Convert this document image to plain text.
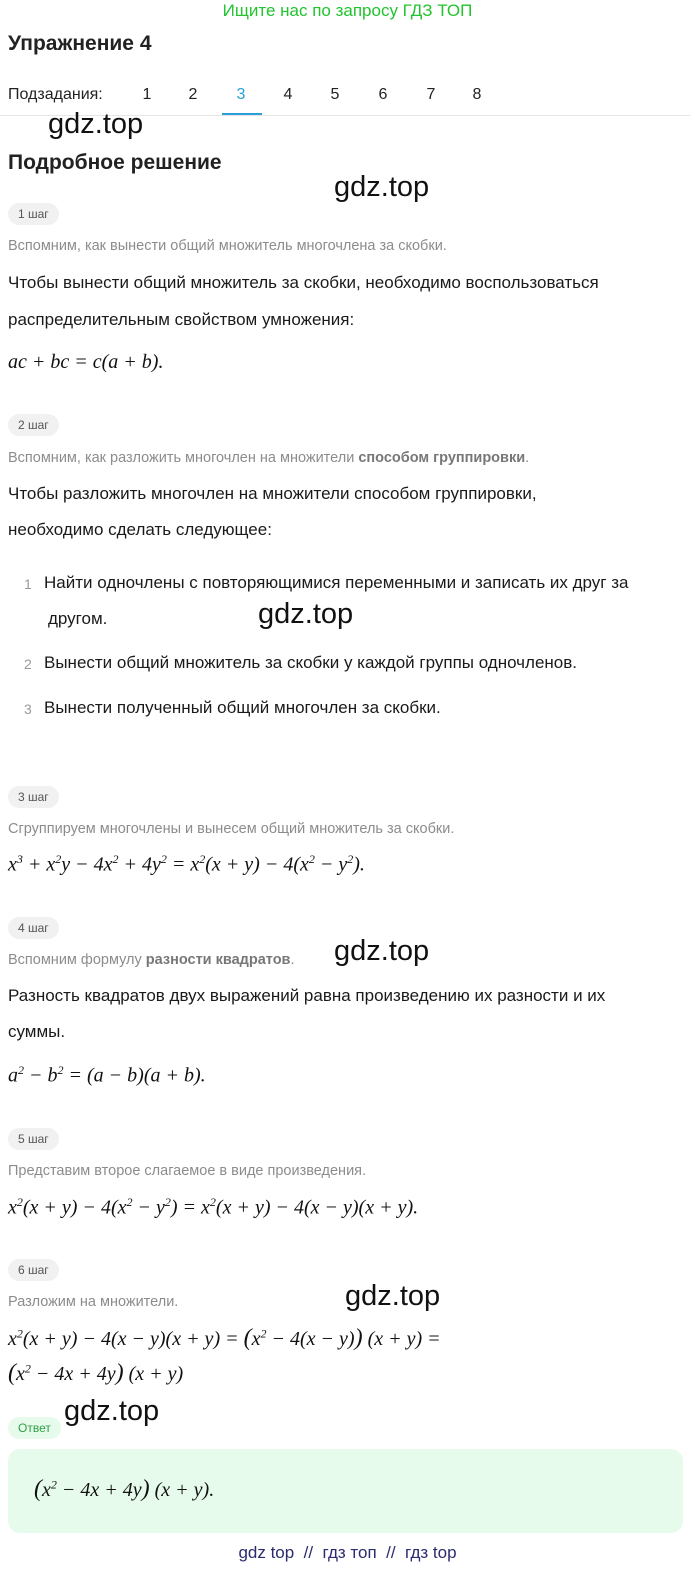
Ищите нас по запросу ГДЗ ТОП
Упражнение 4
Подзадания:	1	2	3	4	5	6	7	8
gdz.top
Подробное решение
gdz.top
1 шаг
Вспомним, как вынести общий множитель многочлена за скобки.
Чтобы вынести общий множитель за скобки, необходимо воспользоваться
распределительным свойством умножения:
ac + bc = c(a + b).
2 шаг
Вспомним, как разложить многочлен на множители способом группировки.
Чтобы разложить многочлен на множители способом группировки,
необходимо сделать следующее:
1 Найти одночлены с повторяющимися переменными и записать их друг за
другом.	gdz.top
2 Вынести общий множитель за скобки у каждой группы одночленов.
3 Вынести полученный общий многочлен за скобки.
3 шаг
Сгруппируем многочлены и вынесем общий множитель за скобки.
$x^3 + x^2y - 4x^2 + 4y^2 = x^2(x + y) - 4(x^2 - y^2)$.
4 шаг
Вспомним формулу разности квадратов. gdz.top
Разность квадратов двух выражений равна произведению их разности и их
суммы.
$a^2 - b^2 = (a - b)(a + b)$.
5 шаг
Представим второе слагаемое в виде произведения.
$x^2(x + y) - 4(x^2 - y^2) = x^2(x + y) - 4(x - y)(x + y)$.
6 шаг
Разложим на множители.	gdz.top
$x^2(x + y) - 4(x - y)(x + y) = (x^2 - 4(x - y)) (x + y)$ =
$(x^2 - 4x + 4y) (x + y)$
Ответ
gdz.top
$(x^2 - 4x + 4y) (x + y)$.
gdz top  //  гдз топ  //  гдз top
